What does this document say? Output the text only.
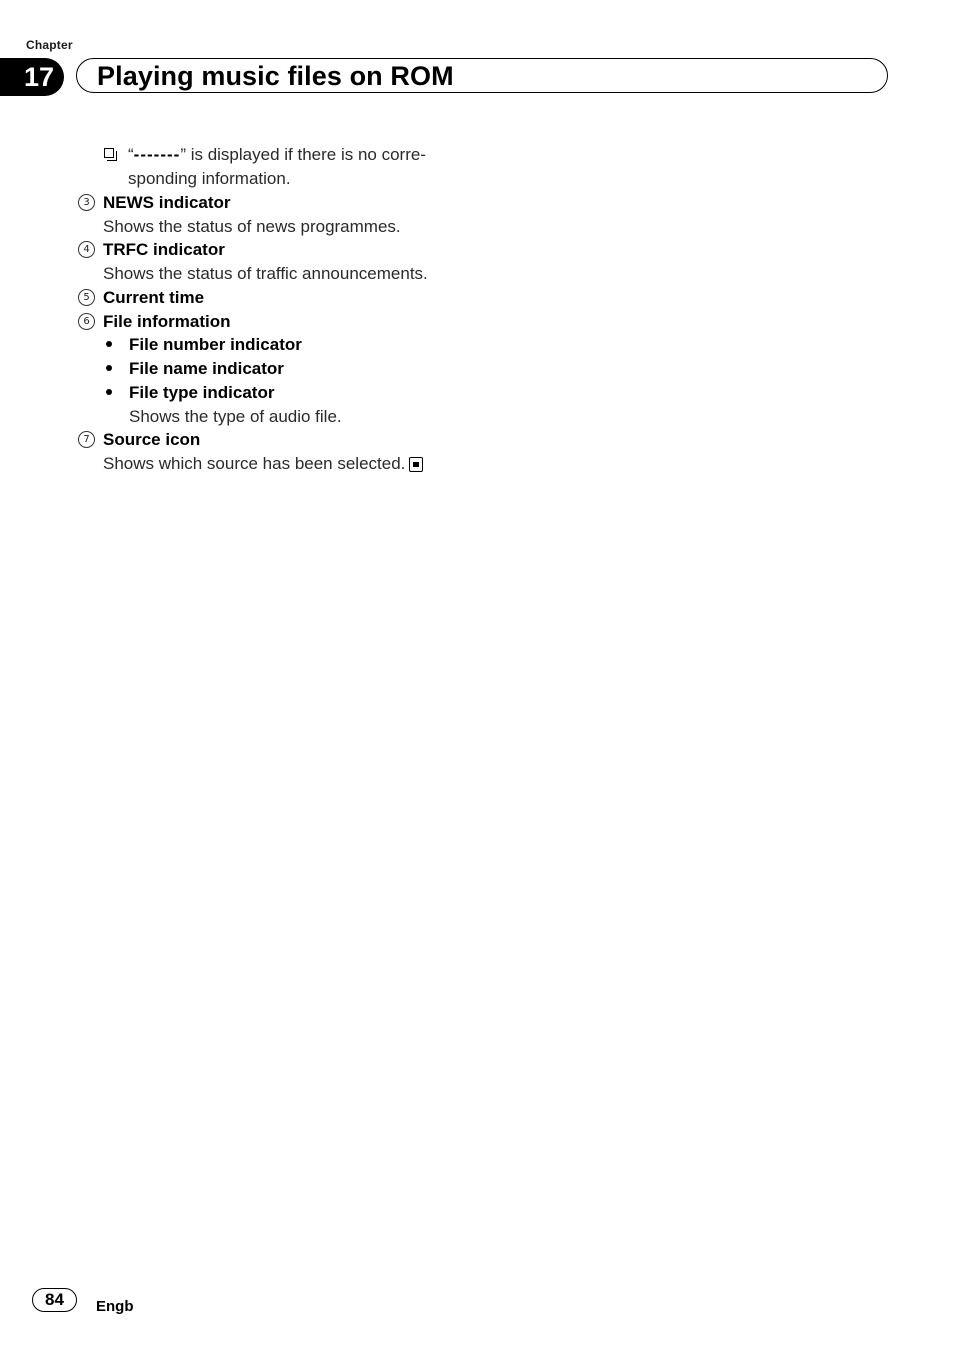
Chapter
17	Playing music files on ROM
“-------” is displayed if there is no corre-
sponding information.
3 NEWS indicator
Shows the status of news programmes.
4 TRFC indicator
Shows the status of traffic announcements.
5 Current time
6 File information
File number indicator
File name indicator
File type indicator
Shows the type of audio file.
7 Source icon
Shows which source has been selected.
84	Engb
